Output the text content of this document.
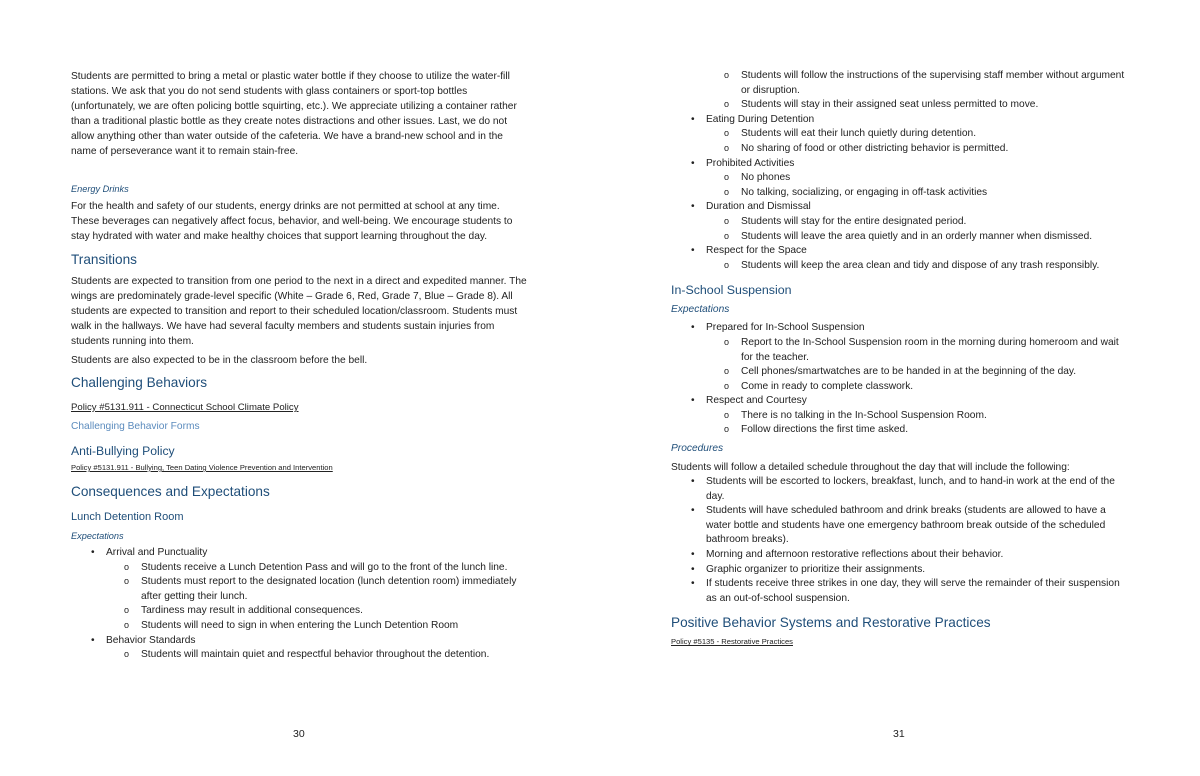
Students are permitted to bring a metal or plastic water bottle if they choose to utilize the water-fill stations. We ask that you do not send students with glass containers or sport-top bottles (unfortunately, we are often policing bottle squirting, etc.). We appreciate utilizing a container rather than a traditional plastic bottle as they create notes distractions and other issues. Last, we do not allow anything other than water outside of the cafeteria. We have a brand-new school and in the name of perseverance want it to remain stain-free.

Energy Drinks

For the health and safety of our students, energy drinks are not permitted at school at any time. These beverages can negatively affect focus, behavior, and well-being. We encourage students to stay hydrated with water and make healthy choices that support learning throughout the day.

Transitions

Students are expected to transition from one period to the next in a direct and expedited manner. The wings are predominately grade-level specific (White – Grade 6, Red, Grade 7, Blue – Grade 8). All students are expected to transition and report to their scheduled location/classroom. Students must walk in the hallways. We have had several faculty members and students sustain injuries from students running into them.

Students are also expected to be in the classroom before the bell.

Challenging Behaviors

Policy #5131.911 - Connecticut School Climate Policy

Challenging Behavior Forms

Anti-Bullying Policy

Policy #5131.911 - Bullying, Teen Dating Violence Prevention and Intervention

Consequences and Expectations

Lunch Detention Room

Expectations

• Arrival and Punctuality
o Students receive a Lunch Detention Pass and will go to the front of the lunch line.
o Students must report to the designated location (lunch detention room) immediately after getting their lunch.
o Tardiness may result in additional consequences.
o Students will need to sign in when entering the Lunch Detention Room
• Behavior Standards
o Students will maintain quiet and respectful behavior throughout the detention.
30
o Students will follow the instructions of the supervising staff member without argument or disruption.
o Students will stay in their assigned seat unless permitted to move.
• Eating During Detention
o Students will eat their lunch quietly during detention.
o No sharing of food or other districting behavior is permitted.
• Prohibited Activities
o No phones
o No talking, socializing, or engaging in off-task activities
• Duration and Dismissal
o Students will stay for the entire designated period.
o Students will leave the area quietly and in an orderly manner when dismissed.
• Respect for the Space
o Students will keep the area clean and tidy and dispose of any trash responsibly.

In-School Suspension

Expectations

• Prepared for In-School Suspension
o Report to the In-School Suspension room in the morning during homeroom and wait for the teacher.
o Cell phones/smartwatches are to be handed in at the beginning of the day.
o Come in ready to complete classwork.
• Respect and Courtesy
o There is no talking in the In-School Suspension Room.
o Follow directions the first time asked.

Procedures

Students will follow a detailed schedule throughout the day that will include the following:

• Students will be escorted to lockers, breakfast, lunch, and to hand-in work at the end of the day.
• Students will have scheduled bathroom and drink breaks (students are allowed to have a water bottle and students have one emergency bathroom break outside of the scheduled bathroom breaks).
• Morning and afternoon restorative reflections about their behavior.
• Graphic organizer to prioritize their assignments.
• If students receive three strikes in one day, they will serve the remainder of their suspension as an out-of-school suspension.

Positive Behavior Systems and Restorative Practices

Policy #5135 - Restorative Practices

31
